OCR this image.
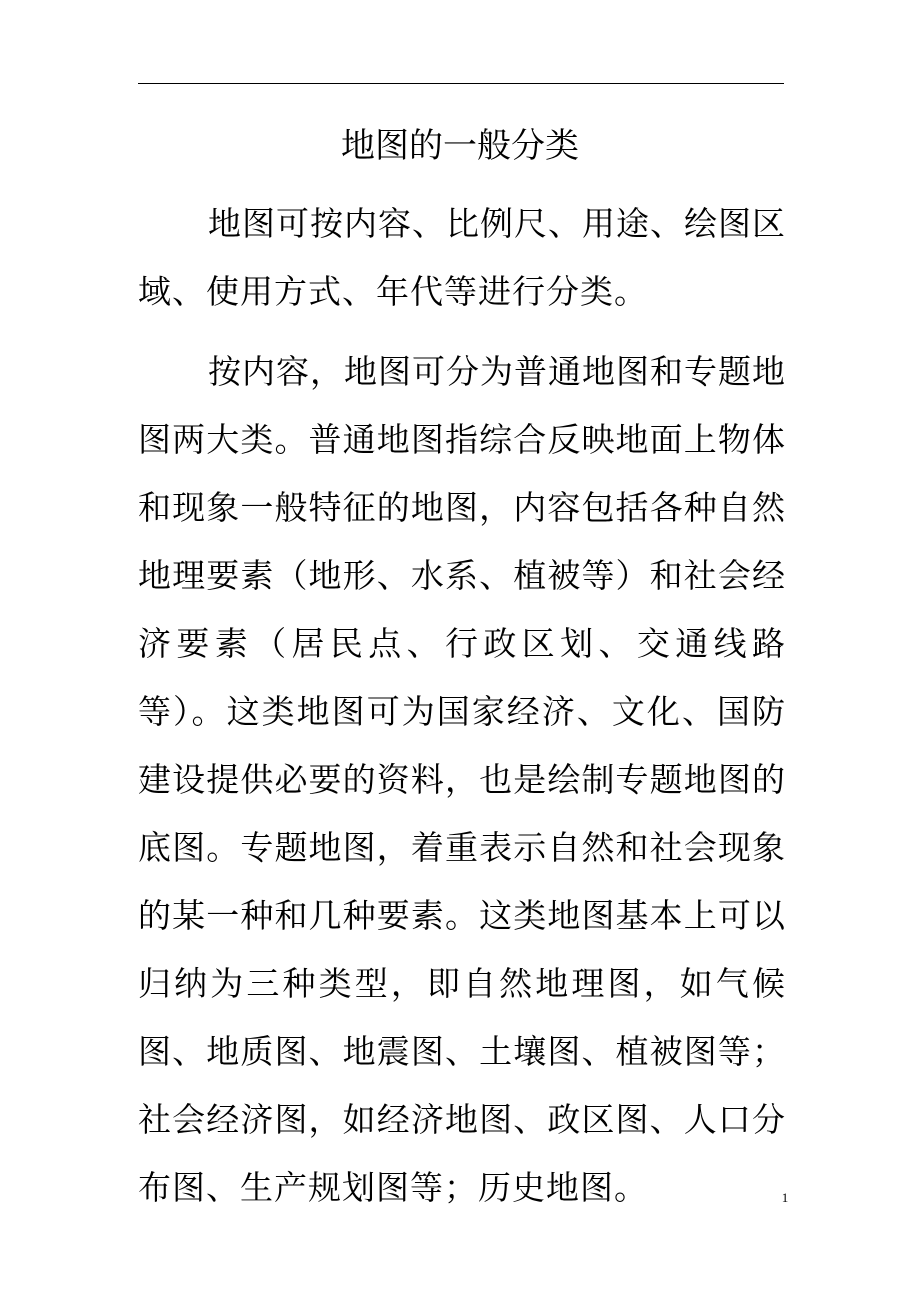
地图的一般分类

地图可按内容、比例尺、用途、绘图区域、使用方式、年代等进行分类。

按内容，地图可分为普通地图和专题地图两大类。普通地图指综合反映地面上物体和现象一般特征的地图，内容包括各种自然地理要素（地形、水系、植被等）和社会经济要素（居民点、行政区划、交通线路等）。这类地图可为国家经济、文化、国防建设提供必要的资料，也是绘制专题地图的底图。专题地图，着重表示自然和社会现象的某一种和几种要素。这类地图基本上可以归纳为三种类型，即自然地理图，如气候图、地质图、地震图、土壤图、植被图等；社会经济图，如经济地图、政区图、人口分布图、生产规划图等；历史地图。	1
